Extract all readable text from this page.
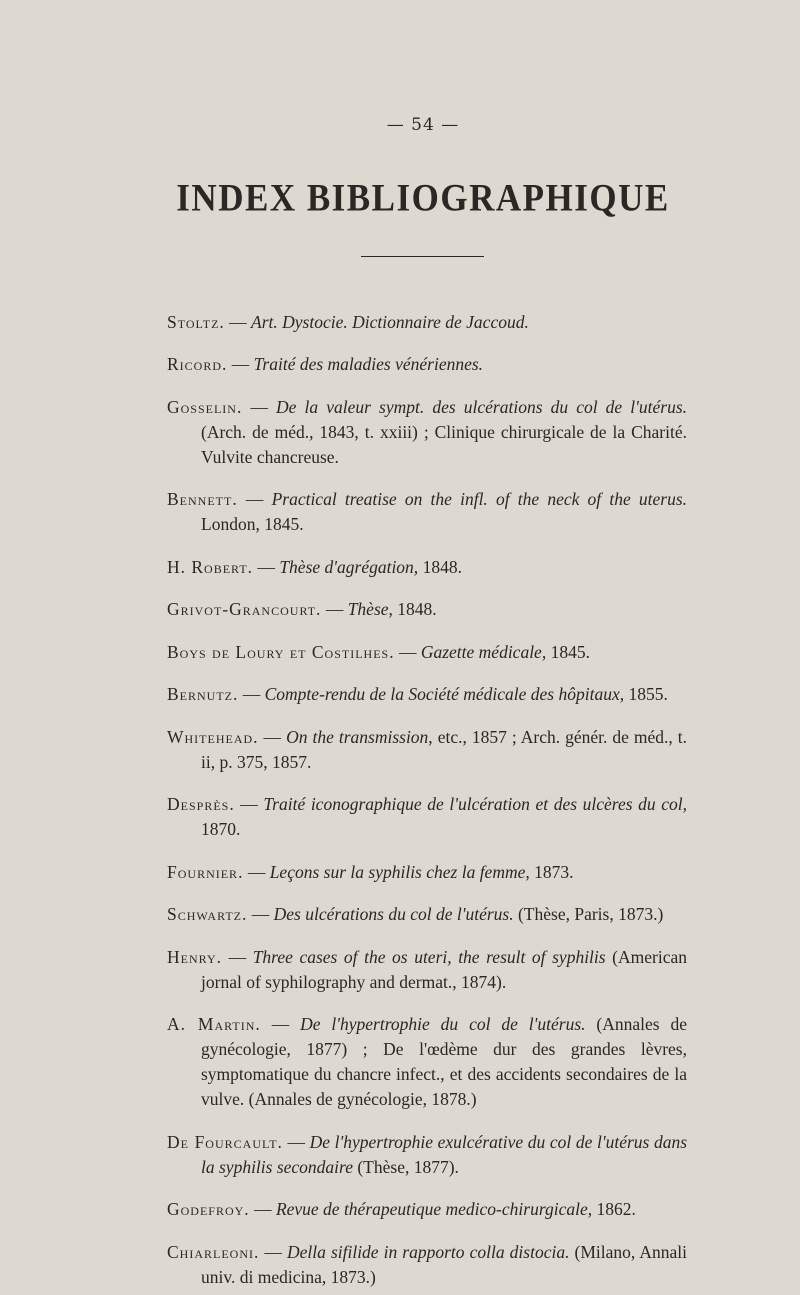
— 54 —
INDEX BIBLIOGRAPHIQUE

Stoltz. — Art. Dystocie. Dictionnaire de Jaccoud.

Ricord. — Traité des maladies vénériennes.

Gosselin. — De la valeur sympt. des ulcérations du col de l'utérus. (Arch. de méd., 1843, t. xxiii) ; Clinique chirurgicale de la Charité. Vulvite chancreuse.

Bennett. — Practical treatise on the infl. of the neck of the uterus. London, 1845.

H. Robert. — Thèse d'agrégation, 1848.

Grivot-Grancourt. — Thèse, 1848.

Boys de Loury et Costilhes. — Gazette médicale, 1845.

Bernutz. — Compte-rendu de la Société médicale des hôpitaux, 1855.

Whitehead. — On the transmission, etc., 1857 ; Arch. génér. de méd., t. ii, p. 375, 1857.

Desprès. — Traité iconographique de l'ulcération et des ulcères du col, 1870.

Fournier. — Leçons sur la syphilis chez la femme, 1873.

Schwartz. — Des ulcérations du col de l'utérus. (Thèse, Paris, 1873.)

Henry. — Three cases of the os uteri, the result of syphilis (American jornal of syphilography and dermat., 1874).

A. Martin. — De l'hypertrophie du col de l'utérus. (Annales de gynécologie, 1877) ; De l'œdème dur des grandes lèvres, symptomatique du chancre infect., et des accidents secondaires de la vulve. (Annales de gynécologie, 1878.)

De Fourcault. — De l'hypertrophie exulcérative du col de l'utérus dans la syphilis secondaire (Thèse, 1877).

Godefroy. — Revue de thérapeutique medico-chirurgicale, 1862.

Chiarleoni. — Della sifilide in rapporto colla distocia. (Milano, Annali univ. di medicina, 1873.)
